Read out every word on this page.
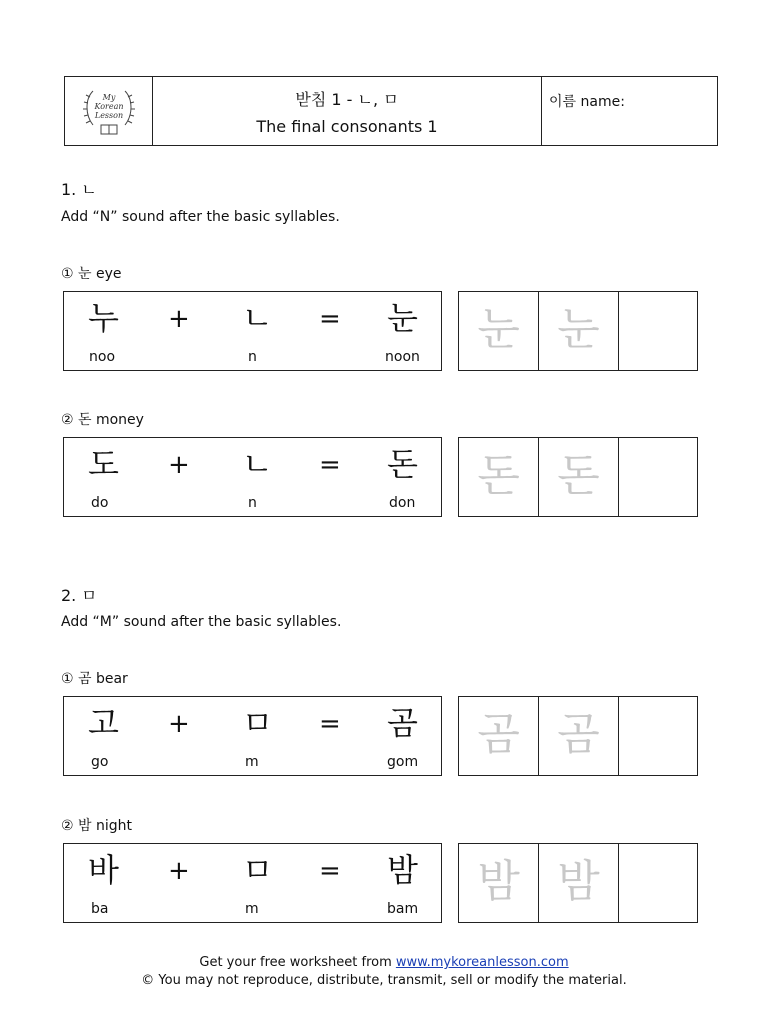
My
Korean
Lesson
받침 1 - ㄴ, ㅁ
The final consonants 1
이름 name:
1. ㄴ
Add “N” sound after the basic syllables.
① 눈 eye
누 + ㄴ = 눈
noo	n	noon
눈 눈
② 돈 money
도 + ㄴ = 돈
do	n	don
돈 돈
2. ㅁ
Add “M” sound after the basic syllables.
① 곰 bear
고 + ㅁ = 곰
go	m	gom
곰 곰
② 밤 night
바 + ㅁ = 밤
ba	m	bam
밤 밤
Get your free worksheet from www.mykoreanlesson.com
© You may not reproduce, distribute, transmit, sell or modify the material.
